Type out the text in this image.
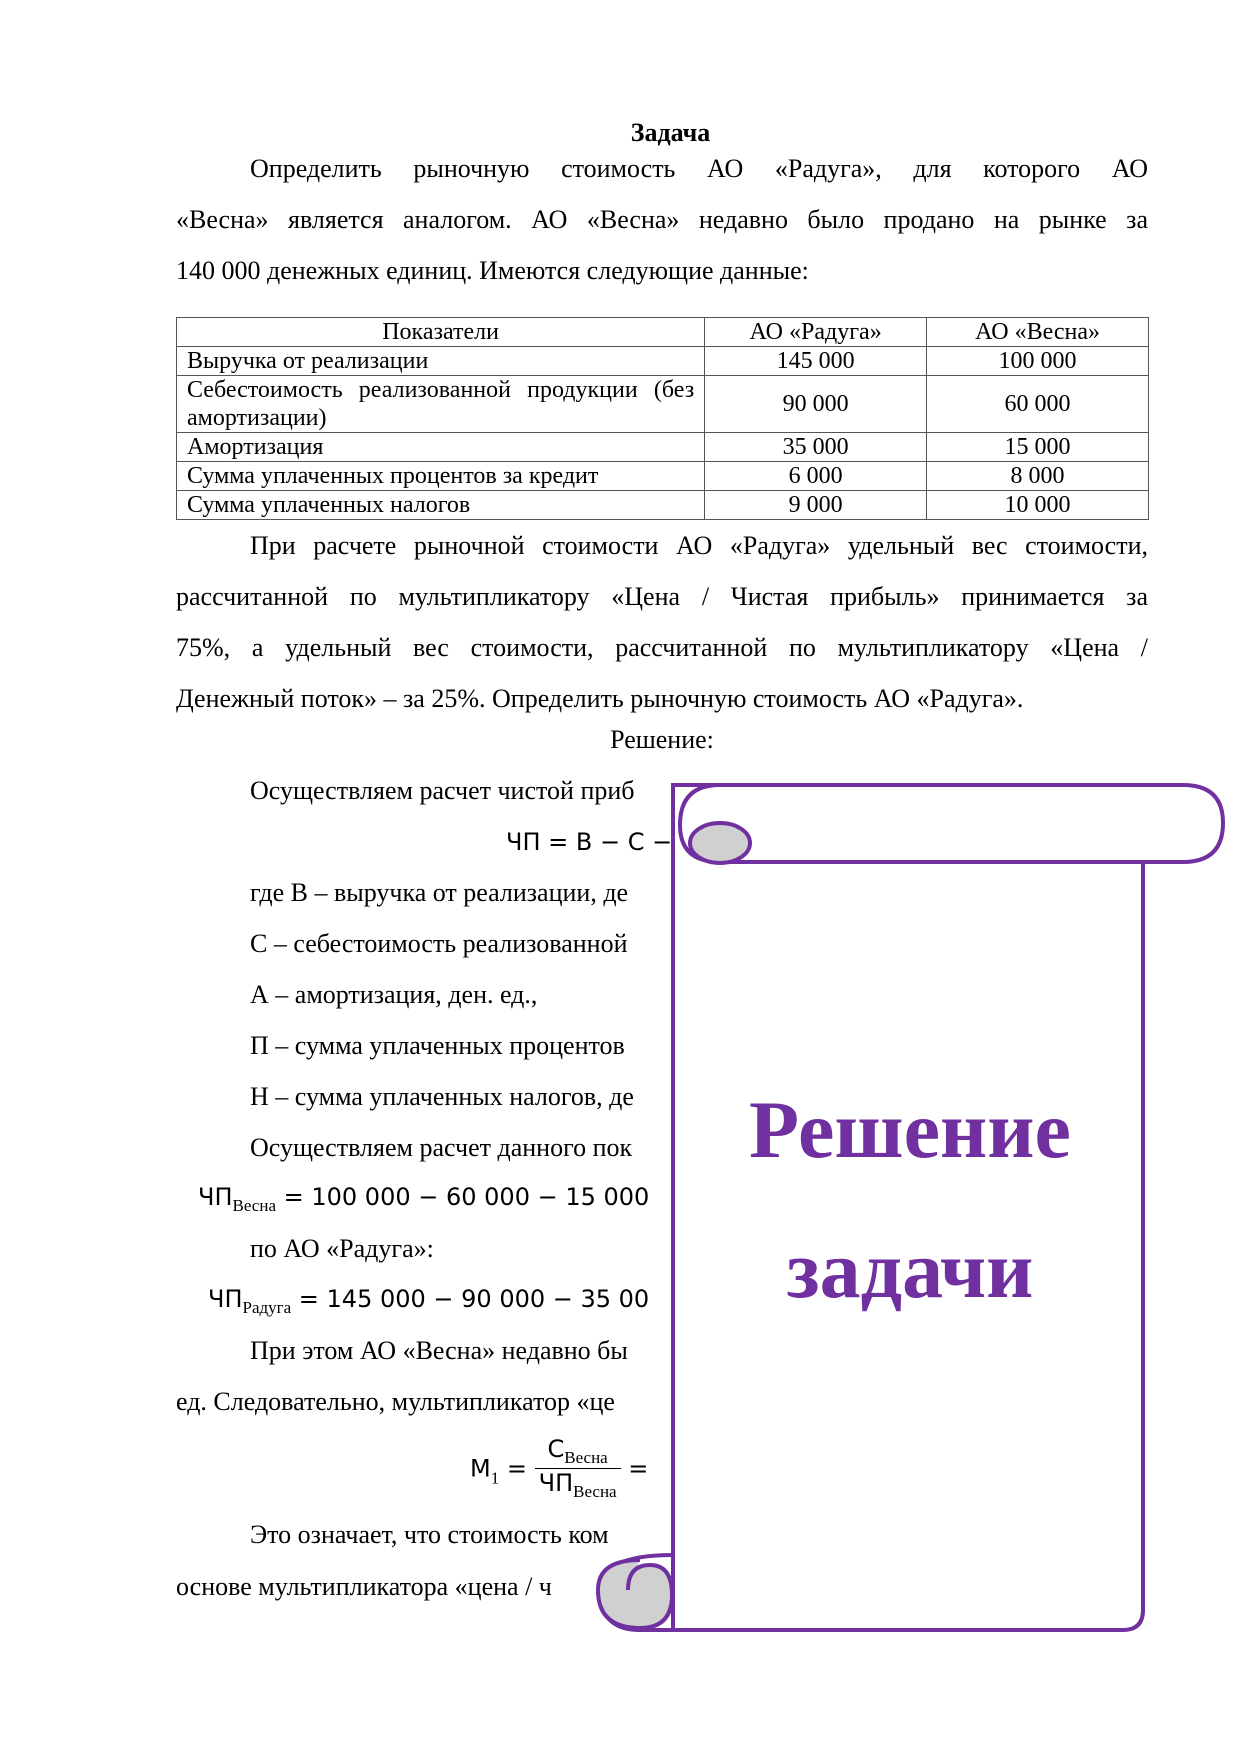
Задача
Определить рыночную стоимость АО «Радуга», для которого АО
«Весна» является аналогом. АО «Весна» недавно было продано на рынке за
140 000 денежных единиц. Имеются следующие данные:
Показатели	АО «Радуга»	АО «Весна»
Выручка от реализации	145 000	100 000
Себестоимость реализованной продукции (без амортизации)	90 000	60 000
Амортизация	35 000	15 000
Сумма уплаченных процентов за кредит	6 000	8 000
Сумма уплаченных налогов	9 000	10 000
При расчете рыночной стоимости АО «Радуга» удельный вес стоимости,
рассчитанной по мультипликатору «Цена / Чистая прибыль» принимается за
75%, а удельный вес стоимости, рассчитанной по мультипликатору «Цена /
Денежный поток» – за 25%. Определить рыночную стоимость АО «Радуга».
Решение:
Осуществляем расчет чистой приб
ЧП = В − С −
где В – выручка от реализации, де
С – себестоимость реализованной
А – амортизация, ден. ед.,
П – сумма уплаченных процентов
Н – сумма уплаченных налогов, де
Осуществляем расчет данного пок
$ЧП_{Весна} = 100$ 000 − 60 000 − 15 000
по АО «Радуга»:
$ЧП_{Радуга} = 145$ 000 − 90 000 − 35 00
При этом АО «Весна» недавно бы
ед. Следовательно, мультипликатор «це
$М_1 = \frac{С_{Весна}}{ЧП_{Весна}}$ =
Это означает, что стоимость ком
основе мультипликатора «цена / ч
Решение
задачи
